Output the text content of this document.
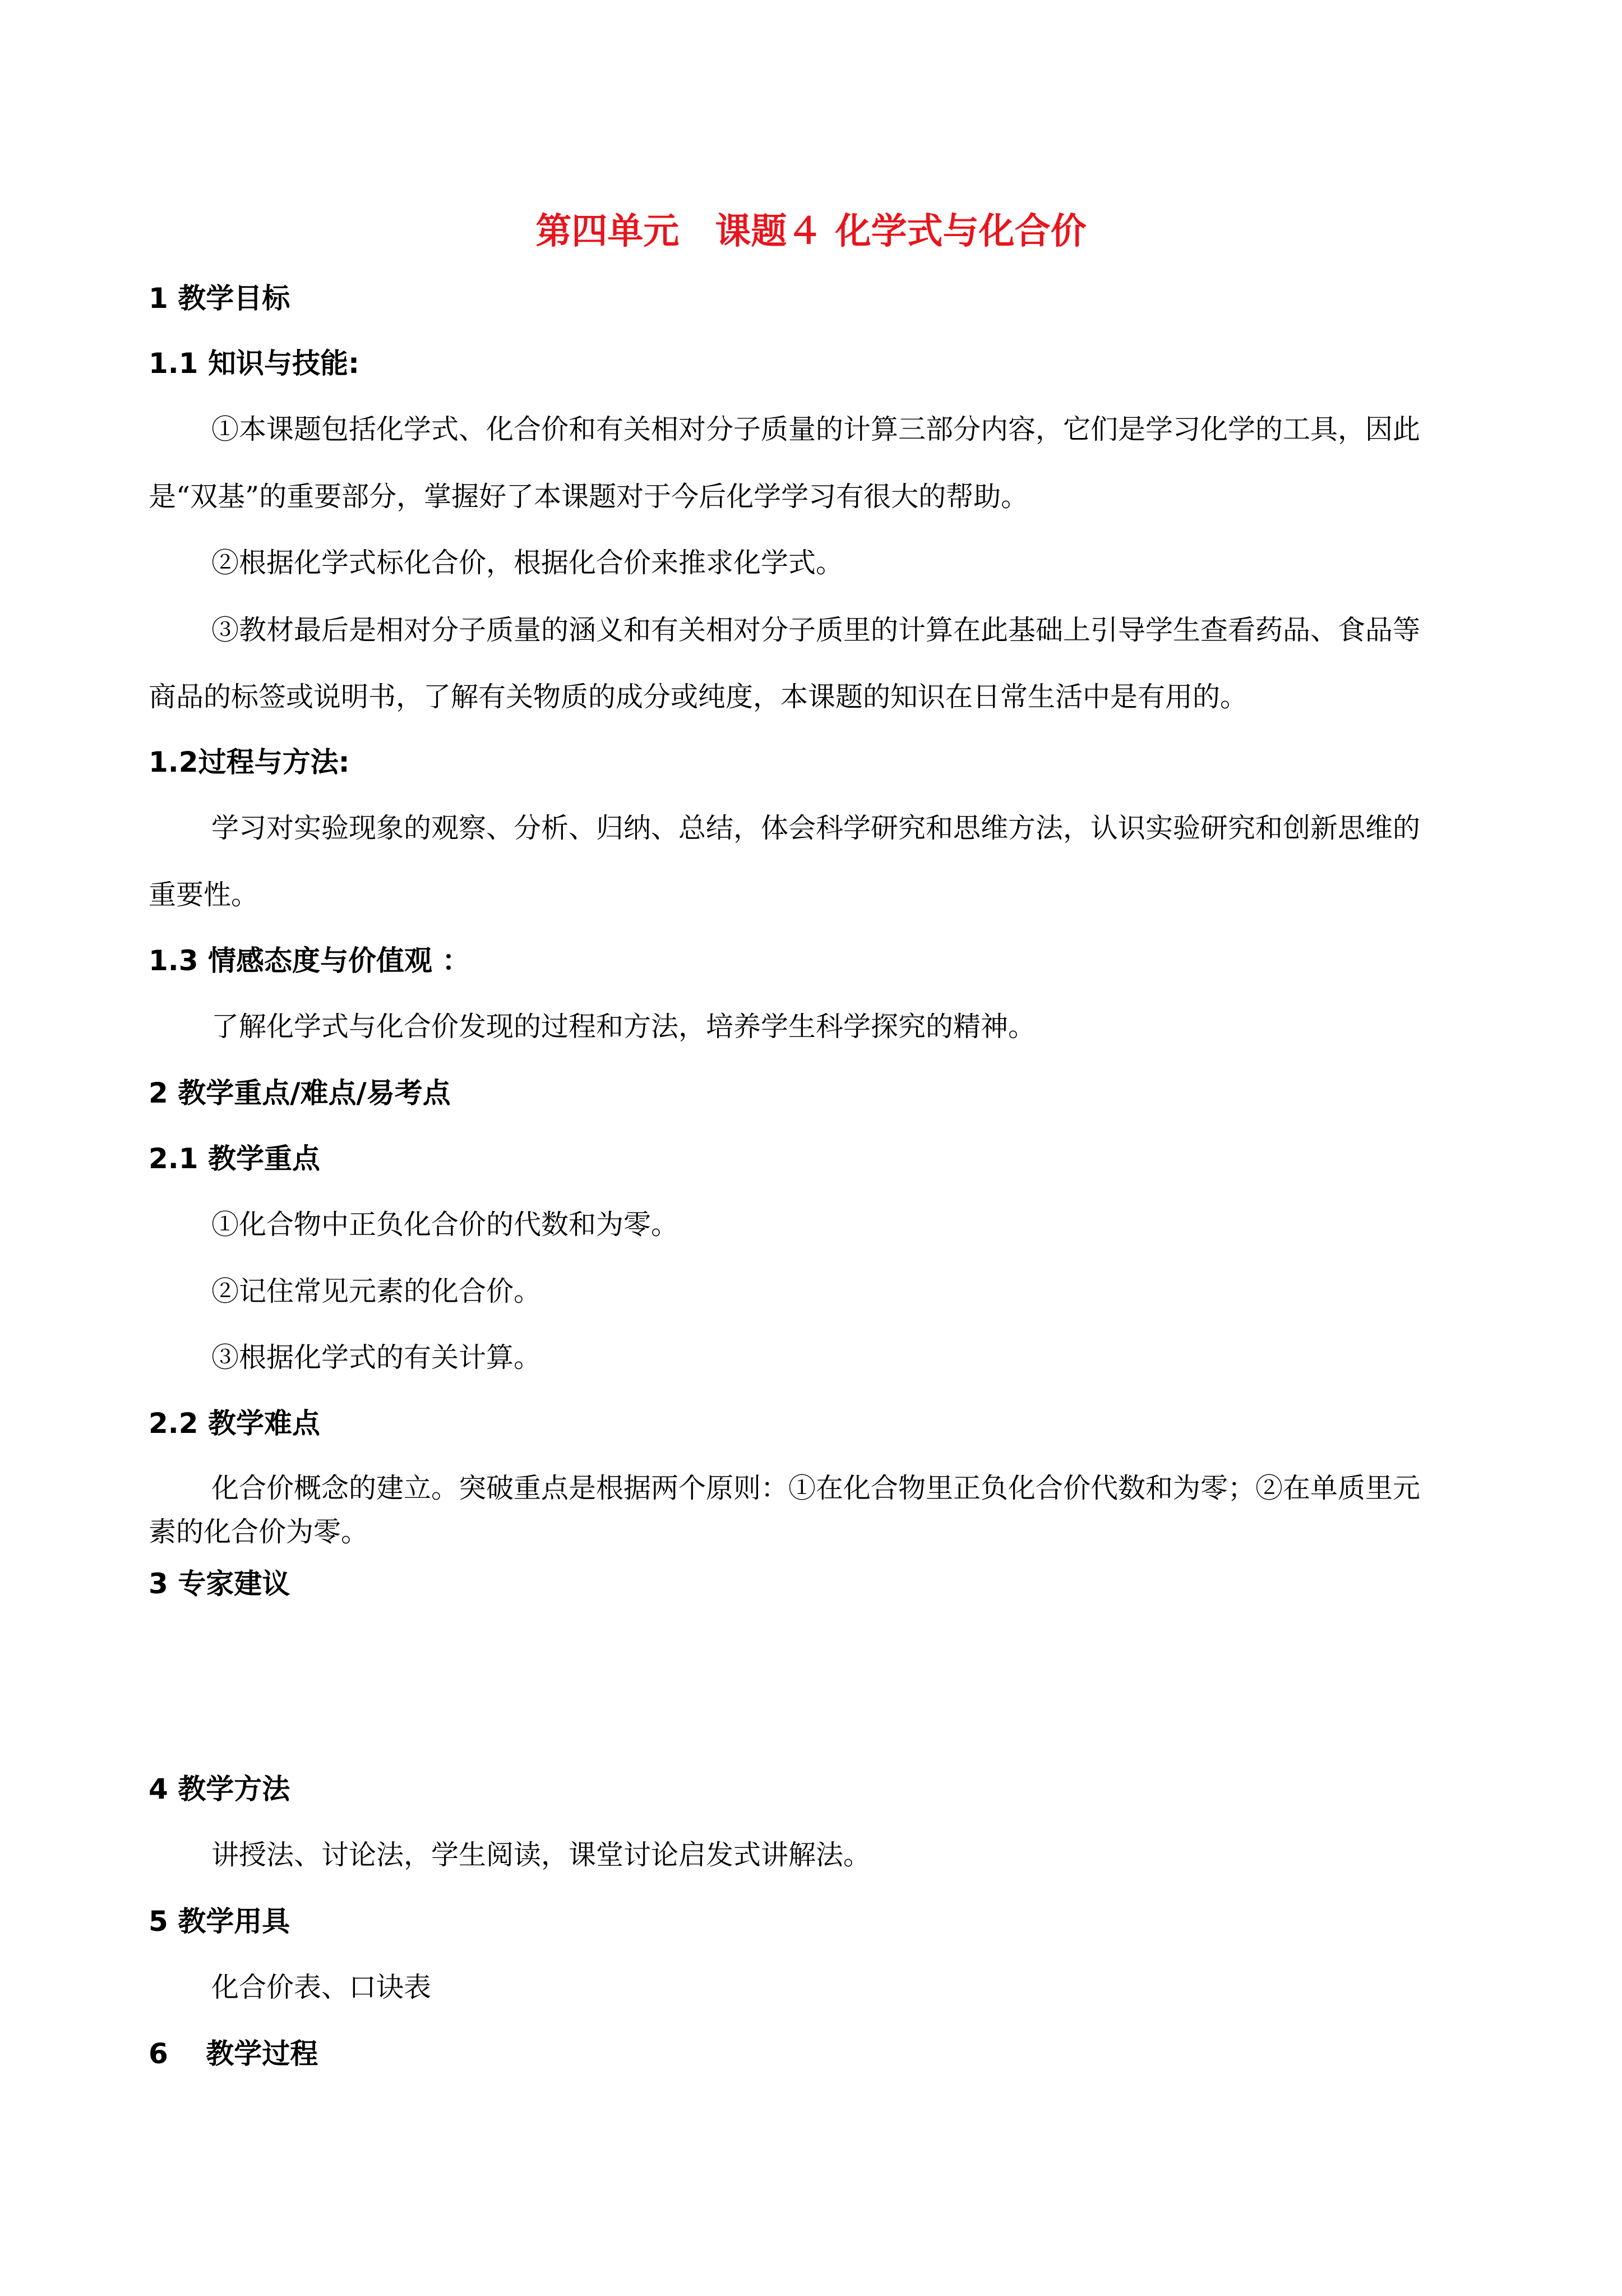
第四单元　课题４ 化学式与化合价
1 教学目标
1.1 知识与技能:
①本课题包括化学式、化合价和有关相对分子质量的计算三部分内容，它们是学习化学的工具，因此
是“双基”的重要部分，掌握好了本课题对于今后化学学习有很大的帮助。
②根据化学式标化合价，根据化合价来推求化学式。
③教材最后是相对分子质量的涵义和有关相对分子质里的计算在此基础上引导学生查看药品、食品等
商品的标签或说明书，了解有关物质的成分或纯度，本课题的知识在日常生活中是有用的。
1.2过程与方法:
学习对实验现象的观察、分析、归纳、总结，体会科学研究和思维方法，认识实验研究和创新思维的
重要性。
1.3 情感态度与价值观 ：
了解化学式与化合价发现的过程和方法，培养学生科学探究的精神。
2 教学重点/难点/易考点
2.1 教学重点
①化合物中正负化合价的代数和为零。
②记住常见元素的化合价。
③根据化学式的有关计算。
2.2 教学难点
化合价概念的建立。突破重点是根据两个原则：①在化合物里正负化合价代数和为零；②在单质里元
素的化合价为零。
3 专家建议
4 教学方法
讲授法、讨论法，学生阅读，课堂讨论启发式讲解法。
5 教学用具
化合价表、口诀表
6　 教学过程
